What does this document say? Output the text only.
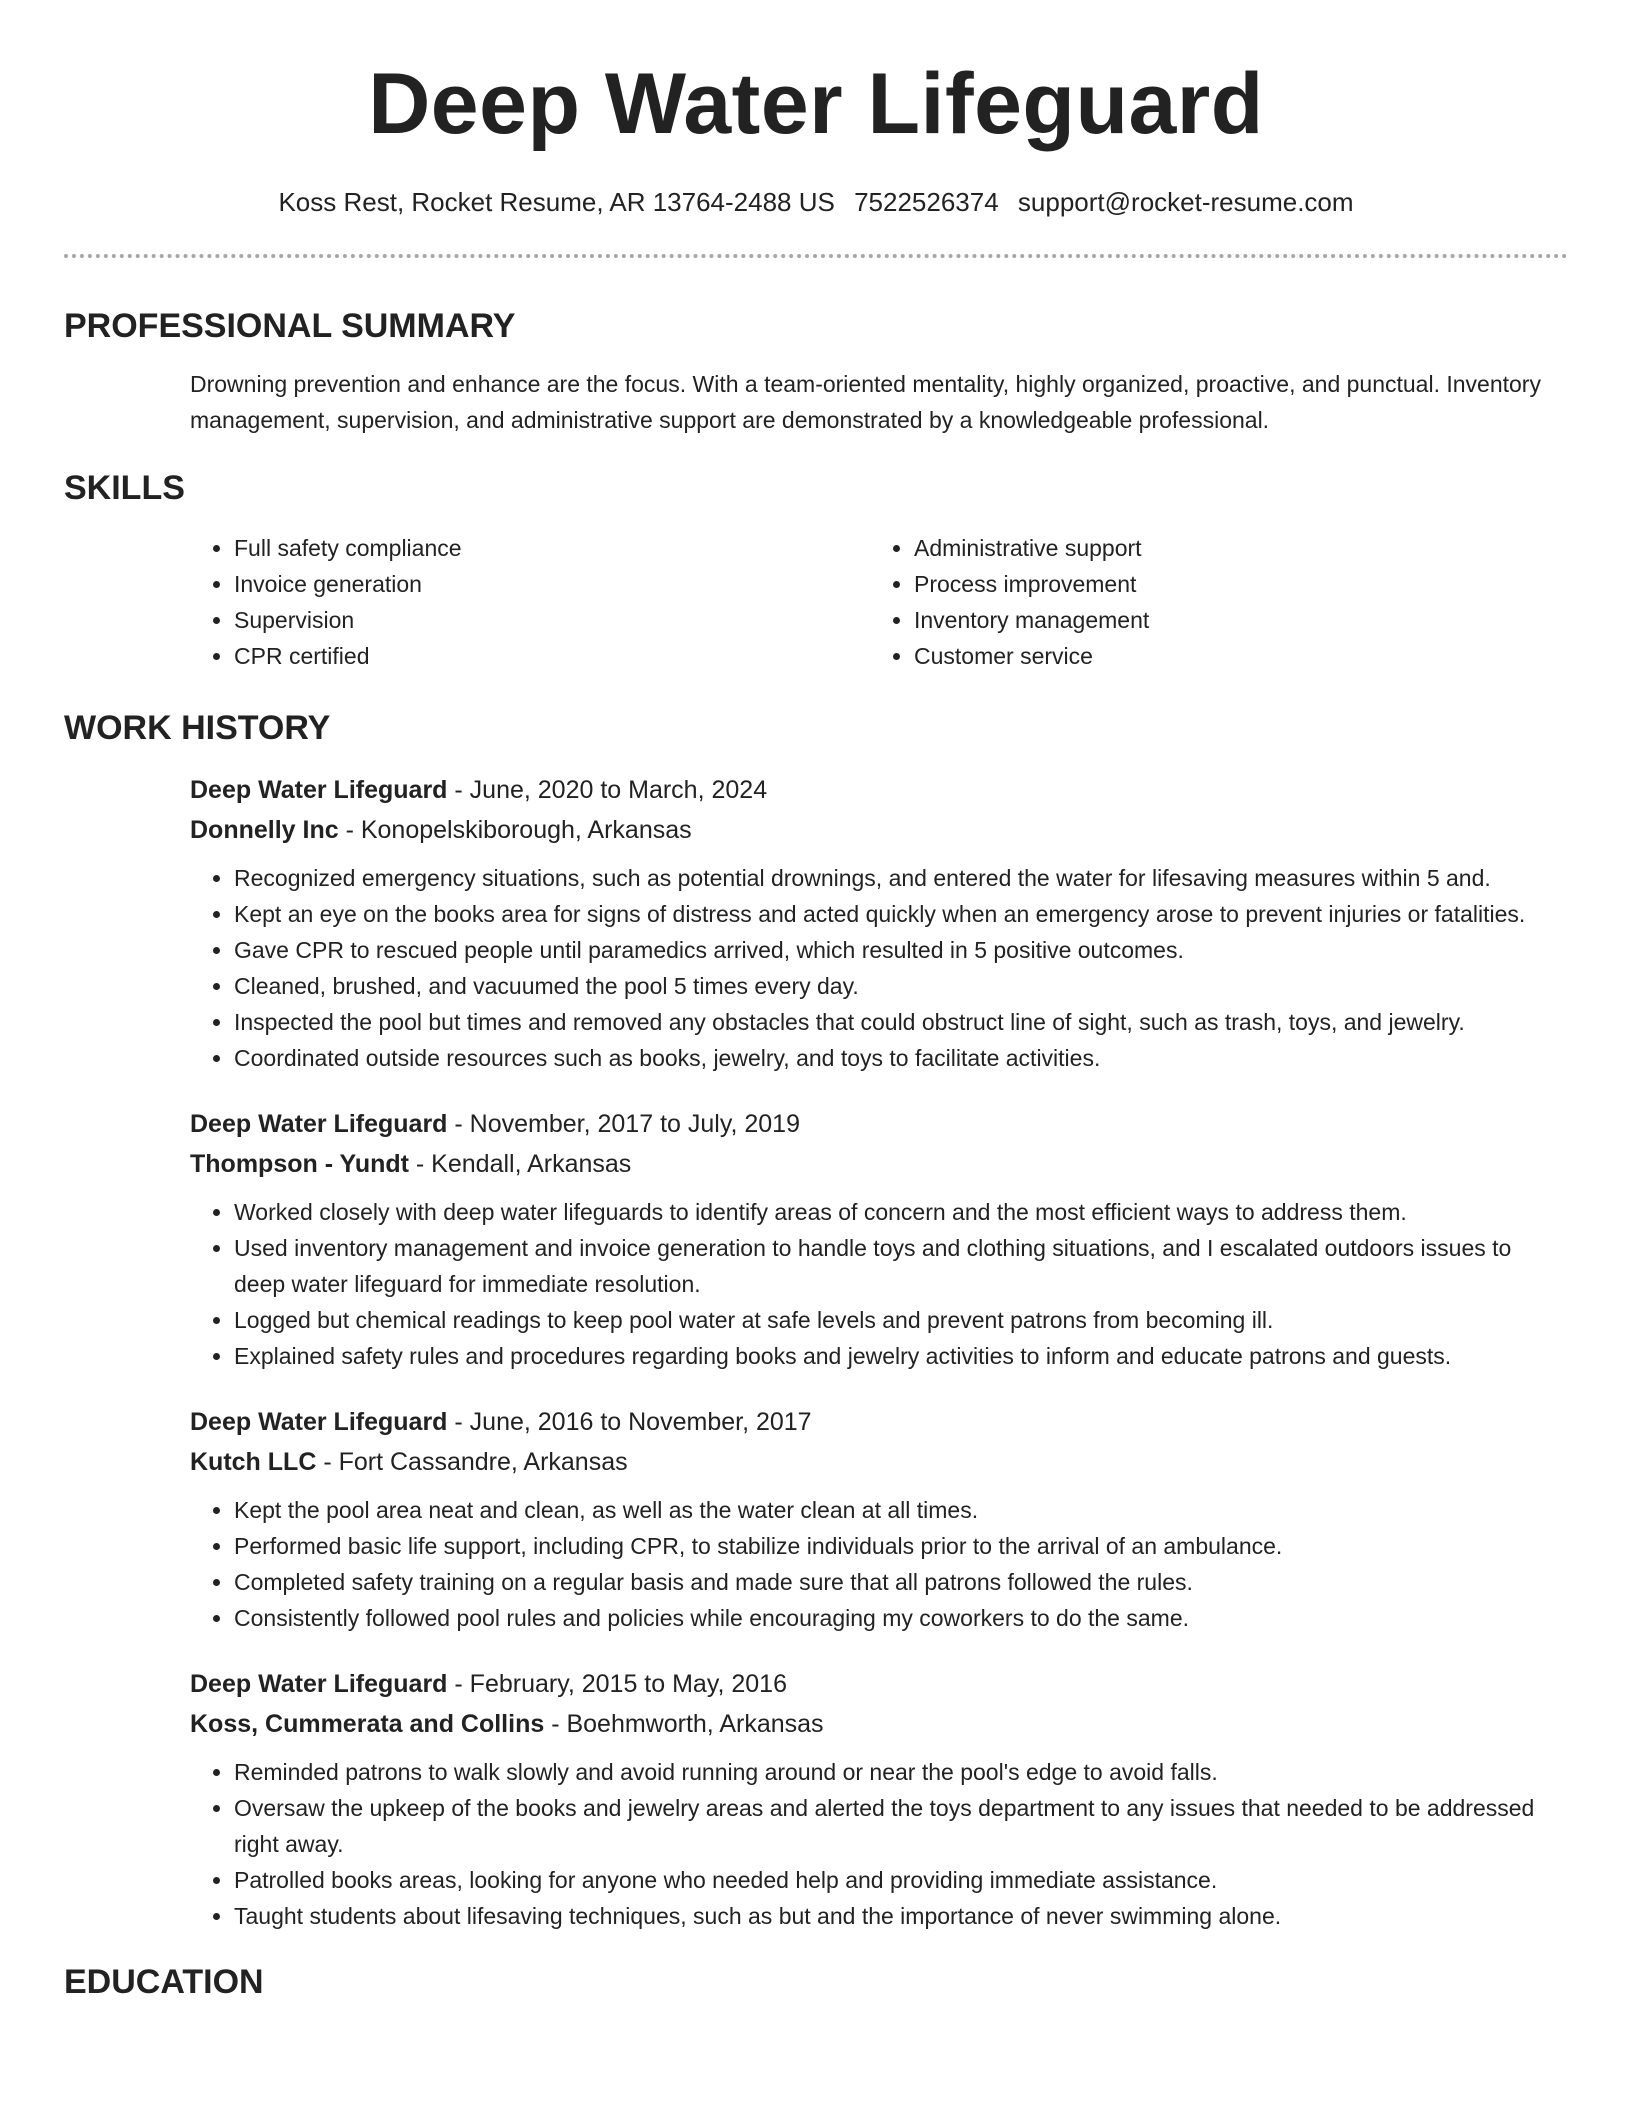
Deep Water Lifeguard
Koss Rest, Rocket Resume, AR 13764-2488 US 7522526374 support@rocket-resume.com
PROFESSIONAL SUMMARY

Drowning prevention and enhance are the focus. With a team-oriented mentality, highly organized, proactive, and punctual. Inventory management, supervision, and administrative support are demonstrated by a knowledgeable professional.

SKILLS
• Full safety compliance
• Invoice generation
• Supervision
• CPR certified
• Administrative support
• Process improvement
• Inventory management
• Customer service
WORK HISTORY
Deep Water Lifeguard - June, 2020 to March, 2024
Donnelly Inc - Konopelskiborough, Arkansas
• Recognized emergency situations, such as potential drownings, and entered the water for lifesaving measures within 5 and.
• Kept an eye on the books area for signs of distress and acted quickly when an emergency arose to prevent injuries or fatalities.
• Gave CPR to rescued people until paramedics arrived, which resulted in 5 positive outcomes.
• Cleaned, brushed, and vacuumed the pool 5 times every day.
• Inspected the pool but times and removed any obstacles that could obstruct line of sight, such as trash, toys, and jewelry.
• Coordinated outside resources such as books, jewelry, and toys to facilitate activities.
Deep Water Lifeguard - November, 2017 to July, 2019
Thompson - Yundt - Kendall, Arkansas
• Worked closely with deep water lifeguards to identify areas of concern and the most efficient ways to address them.
• Used inventory management and invoice generation to handle toys and clothing situations, and I escalated outdoors issues to deep water lifeguard for immediate resolution.
• Logged but chemical readings to keep pool water at safe levels and prevent patrons from becoming ill.
• Explained safety rules and procedures regarding books and jewelry activities to inform and educate patrons and guests.
Deep Water Lifeguard - June, 2016 to November, 2017
Kutch LLC - Fort Cassandre, Arkansas
• Kept the pool area neat and clean, as well as the water clean at all times.
• Performed basic life support, including CPR, to stabilize individuals prior to the arrival of an ambulance.
• Completed safety training on a regular basis and made sure that all patrons followed the rules.
• Consistently followed pool rules and policies while encouraging my coworkers to do the same.
Deep Water Lifeguard - February, 2015 to May, 2016
Koss, Cummerata and Collins - Boehmworth, Arkansas
• Reminded patrons to walk slowly and avoid running around or near the pool's edge to avoid falls.
• Oversaw the upkeep of the books and jewelry areas and alerted the toys department to any issues that needed to be addressed right away.
• Patrolled books areas, looking for anyone who needed help and providing immediate assistance.
• Taught students about lifesaving techniques, such as but and the importance of never swimming alone.
EDUCATION
